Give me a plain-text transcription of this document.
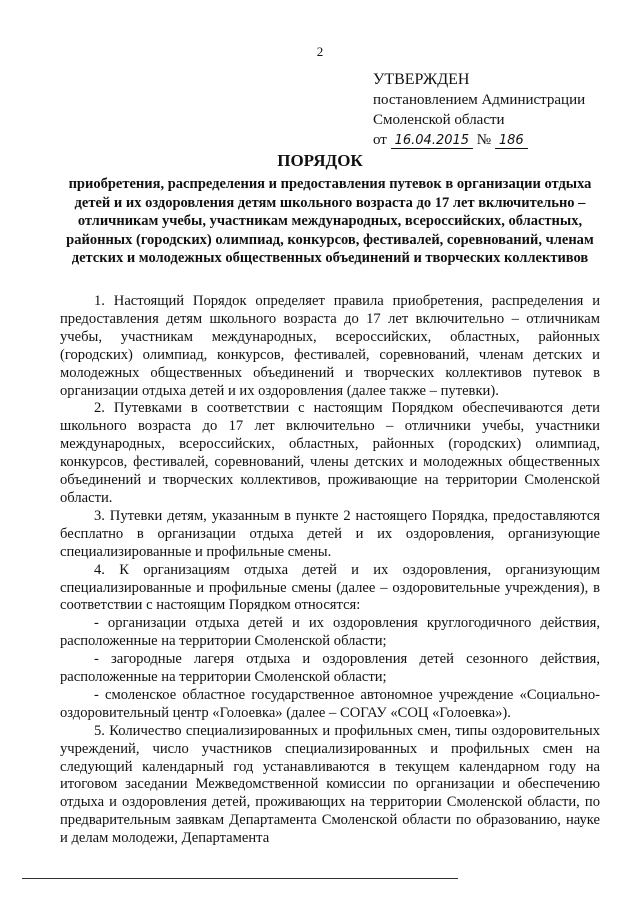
2
УТВЕРЖДЕН
постановлением Администрации
Смоленской области
от 16.04.2015 № 186
ПОРЯДОК
приобретения, распределения и предоставления путевок в организации отдыха детей и их оздоровления детям школьного возраста до 17 лет включительно – отличникам учебы, участникам международных, всероссийских, областных, районных (городских) олимпиад, конкурсов, фестивалей, соревнований, членам детских и молодежных общественных объединений и творческих коллективов

1. Настоящий Порядок определяет правила приобретения, распределения и предоставления детям школьного возраста до 17 лет включительно – отличникам учебы, участникам международных, всероссийских, областных, районных (городских) олимпиад, конкурсов, фестивалей, соревнований, членам детских и молодежных общественных объединений и творческих коллективов путевок в организации отдыха детей и их оздоровления (далее также – путевки).

2. Путевками в соответствии с настоящим Порядком обеспечиваются дети школьного возраста до 17 лет включительно – отличники учебы, участники международных, всероссийских, областных, районных (городских) олимпиад, конкурсов, фестивалей, соревнований, члены детских и молодежных общественных объединений и творческих коллективов, проживающие на территории Смоленской области.

3. Путевки детям, указанным в пункте 2 настоящего Порядка, предоставляются бесплатно в организации отдыха детей и их оздоровления, организующие специализированные и профильные смены.

4. К организациям отдыха детей и их оздоровления, организующим специализированные и профильные смены (далее – оздоровительные учреждения), в соответствии с настоящим Порядком относятся:

- организации отдыха детей и их оздоровления круглогодичного действия, расположенные на территории Смоленской области;

- загородные лагеря отдыха и оздоровления детей сезонного действия, расположенные на территории Смоленской области;

- смоленское областное государственное автономное учреждение «Социально-оздоровительный центр «Голоевка» (далее – СОГАУ «СОЦ «Голоевка»).

5. Количество специализированных и профильных смен, типы оздоровительных учреждений, число участников специализированных и профильных смен на следующий календарный год устанавливаются в текущем календарном году на итоговом заседании Межведомственной комиссии по организации и обеспечению отдыха и оздоровления детей, проживающих на территории Смоленской области, по предварительным заявкам Департамента Смоленской области по образованию, науке и делам молодежи, Департамента
